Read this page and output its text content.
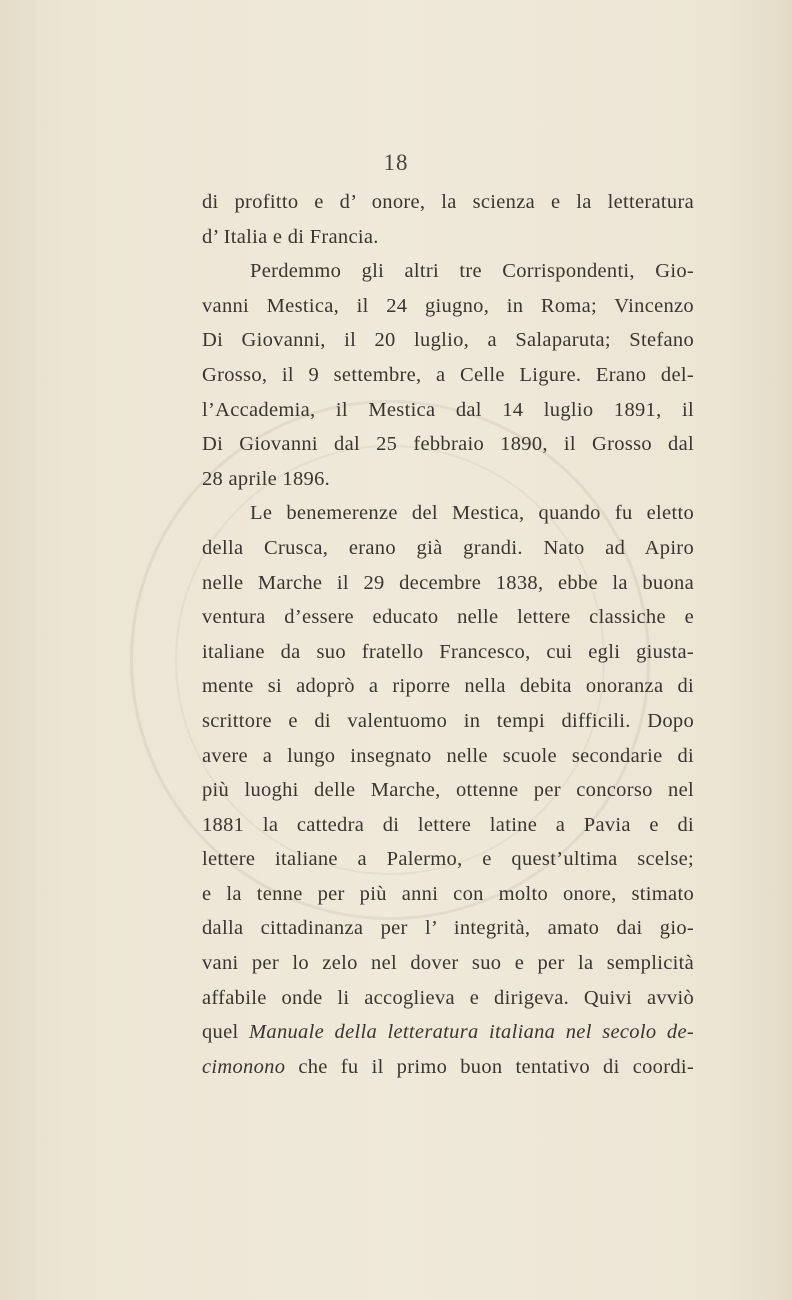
18
di profitto e d’ onore, la scienza e la letteratura
d’ Italia e di Francia.
Perdemmo gli altri tre Corrispondenti, Gio-
vanni Mestica, il 24 giugno, in Roma; Vincenzo
Di Giovanni, il 20 luglio, a Salaparuta; Stefano
Grosso, il 9 settembre, a Celle Ligure. Erano del-
l’Accademia, il Mestica dal 14 luglio 1891, il
Di Giovanni dal 25 febbraio 1890, il Grosso dal
28 aprile 1896.
Le benemerenze del Mestica, quando fu eletto
della Crusca, erano già grandi. Nato ad Apiro
nelle Marche il 29 decembre 1838, ebbe la buona
ventura d’essere educato nelle lettere classiche e
italiane da suo fratello Francesco, cui egli giusta-
mente si adoprò a riporre nella debita onoranza di
scrittore e di valentuomo in tempi difficili. Dopo
avere a lungo insegnato nelle scuole secondarie di
più luoghi delle Marche, ottenne per concorso nel
1881 la cattedra di lettere latine a Pavia e di
lettere italiane a Palermo, e quest’ultima scelse;
e la tenne per più anni con molto onore, stimato
dalla cittadinanza per l’ integrità, amato dai gio-
vani per lo zelo nel dover suo e per la semplicità
affabile onde li accoglieva e dirigeva. Quivi avviò
quel Manuale della letteratura italiana nel secolo de-
cimonono che fu il primo buon tentativo di coordi-
